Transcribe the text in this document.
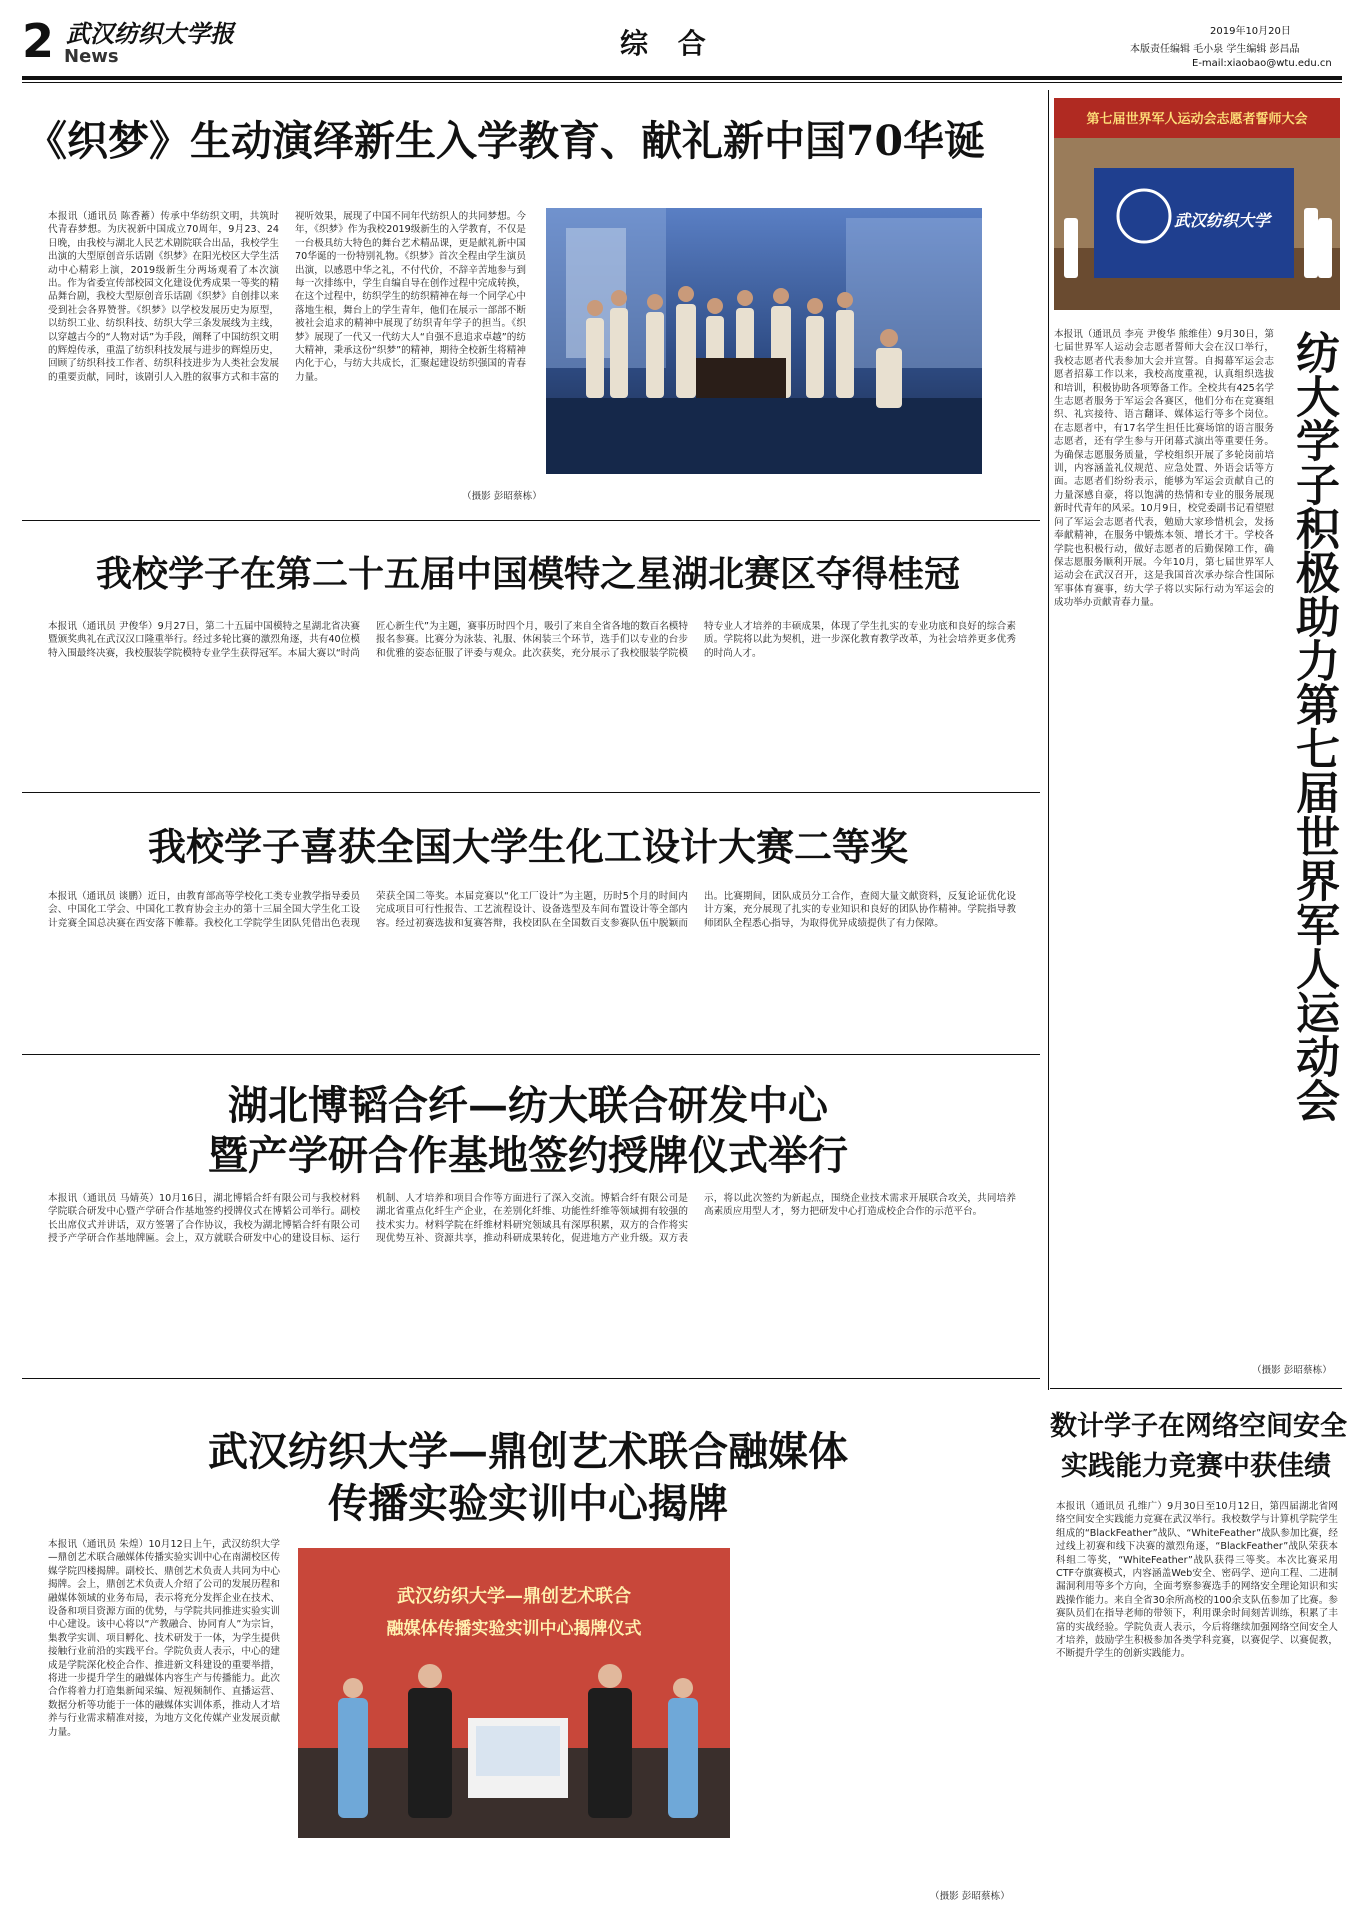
2 News
武汉纺织大学报	综 合	2019年10月20日
本版责任编辑 毛小泉 学生编辑 彭昌晶
E-mail:xiaobao@wtu.edu.cn
《织梦》生动演绎新生入学教育、献礼新中国70华诞
本报讯（通讯员 陈香蓄）传承中华纺织文明，共筑时代青春梦想。为庆祝新中国成立70周年，9月23、24日晚，由我校与湖北人民艺术剧院联合出品，我校学生出演的大型原创音乐话剧《织梦》在阳光校区大学生活动中心精彩上演，2019级新生分两场观看了本次演出。作为省委宣传部校园文化建设优秀成果一等奖的精品舞台剧，我校大型原创音乐话剧《织梦》自创排以来受到社会各界赞誉。《织梦》以学校发展历史为原型，以纺织工业、纺织科技、纺织大学三条发展线为主线，以穿越古今的“人物对话”为手段，阐释了中国纺织文明的辉煌传承，重温了纺织科技发展与进步的辉煌历史，回顾了纺织科技工作者、纺织科技进步为人类社会发展的重要贡献，同时，该剧引人入胜的叙事方式和丰富的视听效果，展现了中国不同年代纺织人的共同梦想。今年，《织梦》作为我校2019级新生的入学教育，不仅是一台极具纺大特色的舞台艺术精品课，更是献礼新中国70华诞的一份特别礼物。《织梦》首次全程由学生演员出演，以感恩中华之礼，不付代价，不辞辛苦地参与到每一次排练中，学生自编自导在创作过程中完成转换，在这个过程中，纺织学生的纺织精神在每一个同学心中落地生根，舞台上的学生青年，他们在展示一部部不断被社会追求的精神中展现了纺织青年学子的担当。《织梦》展现了一代又一代纺大人“自强不息追求卓越”的纺大精神，秉承这份“织梦”的精神，期待全校新生将精神内化于心，与纺大共成长，汇聚起建设纺织强国的青春力量。
（摄影 彭昭蔡栋）
我校学子在第二十五届中国模特之星湖北赛区夺得桂冠
本报讯（通讯员 尹俊华）9月27日，第二十五届中国模特之星湖北省决赛暨颁奖典礼在武汉汉口隆重举行。经过多轮比赛的激烈角逐，共有40位模特入围最终决赛，我校服装学院模特专业学生获得冠军。本届大赛以“时尚匠心新生代”为主题，赛事历时四个月，吸引了来自全省各地的数百名模特报名参赛。比赛分为泳装、礼服、休闲装三个环节，选手们以专业的台步和优雅的姿态征服了评委与观众。此次获奖，充分展示了我校服装学院模特专业人才培养的丰硕成果，体现了学生扎实的专业功底和良好的综合素质。学院将以此为契机，进一步深化教育教学改革，为社会培养更多优秀的时尚人才。
我校学子喜获全国大学生化工设计大赛二等奖
本报讯（通讯员 谈鹏）近日，由教育部高等学校化工类专业教学指导委员会、中国化工学会、中国化工教育协会主办的第十三届全国大学生化工设计竞赛全国总决赛在西安落下帷幕。我校化工学院学生团队凭借出色表现荣获全国二等奖。本届竞赛以“化工厂设计”为主题，历时5个月的时间内完成项目可行性报告、工艺流程设计、设备选型及车间布置设计等全部内容。经过初赛选拔和复赛答辩，我校团队在全国数百支参赛队伍中脱颖而出。比赛期间，团队成员分工合作，查阅大量文献资料，反复论证优化设计方案，充分展现了扎实的专业知识和良好的团队协作精神。学院指导教师团队全程悉心指导，为取得优异成绩提供了有力保障。
湖北博韬合纤—纺大联合研发中心
暨产学研合作基地签约授牌仪式举行
本报讯（通讯员 马婧英）10月16日，湖北博韬合纤有限公司与我校材料学院联合研发中心暨产学研合作基地签约授牌仪式在博韬公司举行。副校长出席仪式并讲话，双方签署了合作协议，我校为湖北博韬合纤有限公司授予产学研合作基地牌匾。会上，双方就联合研发中心的建设目标、运行机制、人才培养和项目合作等方面进行了深入交流。博韬合纤有限公司是湖北省重点化纤生产企业，在差别化纤维、功能性纤维等领域拥有较强的技术实力。材料学院在纤维材料研究领域具有深厚积累，双方的合作将实现优势互补、资源共享，推动科研成果转化，促进地方产业升级。双方表示，将以此次签约为新起点，围绕企业技术需求开展联合攻关，共同培养高素质应用型人才，努力把研发中心打造成校企合作的示范平台。
武汉纺织大学—鼎创艺术联合融媒体
传播实验实训中心揭牌
本报讯（通讯员 朱煌）10月12日上午，武汉纺织大学—鼎创艺术联合融媒体传播实验实训中心在南湖校区传媒学院四楼揭牌。副校长、鼎创艺术负责人共同为中心揭牌。会上，鼎创艺术负责人介绍了公司的发展历程和融媒体领域的业务布局，表示将充分发挥企业在技术、设备和项目资源方面的优势，与学院共同推进实验实训中心建设。该中心将以“产教融合、协同育人”为宗旨，集教学实训、项目孵化、技术研发于一体，为学生提供接触行业前沿的实践平台。学院负责人表示，中心的建成是学院深化校企合作、推进新文科建设的重要举措，将进一步提升学生的融媒体内容生产与传播能力。此次合作将着力打造集新闻采编、短视频制作、直播运营、数据分析等功能于一体的融媒体实训体系，推动人才培养与行业需求精准对接，为地方文化传媒产业发展贡献力量。
武汉纺织大学—鼎创艺术联合
融媒体传播实验实训中心揭牌仪式
（摄影 彭昭蔡栋）
第七届世界军人运动会志愿者誓师大会
武汉纺织大学
本报讯（通讯员 李亮 尹俊华 熊维佳）9月30日，第七届世界军人运动会志愿者誓师大会在汉口举行，我校志愿者代表参加大会并宣誓。自揭幕军运会志愿者招募工作以来，我校高度重视，认真组织选拔和培训，积极协助各项筹备工作。全校共有425名学生志愿者服务于军运会各赛区，他们分布在竞赛组织、礼宾接待、语言翻译、媒体运行等多个岗位。在志愿者中，有17名学生担任比赛场馆的语言服务志愿者，还有学生参与开闭幕式演出等重要任务。为确保志愿服务质量，学校组织开展了多轮岗前培训，内容涵盖礼仪规范、应急处置、外语会话等方面。志愿者们纷纷表示，能够为军运会贡献自己的力量深感自豪，将以饱满的热情和专业的服务展现新时代青年的风采。10月9日，校党委副书记看望慰问了军运会志愿者代表，勉励大家珍惜机会，发扬奉献精神，在服务中锻炼本领、增长才干。学校各学院也积极行动，做好志愿者的后勤保障工作，确保志愿服务顺利开展。今年10月，第七届世界军人运动会在武汉召开，这是我国首次承办综合性国际军事体育赛事，纺大学子将以实际行动为军运会的成功举办贡献青春力量。	纺大学子积极助力第七届世界军人运动会
（摄影 彭昭蔡栋）
数计学子在网络空间安全
实践能力竞赛中获佳绩
本报讯（通讯员 孔维广）9月30日至10月12日，第四届湖北省网络空间安全实践能力竞赛在武汉举行。我校数学与计算机学院学生组成的“BlackFeather”战队、“WhiteFeather”战队参加比赛，经过线上初赛和线下决赛的激烈角逐，“BlackFeather”战队荣获本科组二等奖，“WhiteFeather”战队获得三等奖。本次比赛采用CTF夺旗赛模式，内容涵盖Web安全、密码学、逆向工程、二进制漏洞利用等多个方向，全面考察参赛选手的网络安全理论知识和实践操作能力。来自全省30余所高校的100余支队伍参加了比赛。参赛队员们在指导老师的带领下，利用课余时间刻苦训练，积累了丰富的实战经验。学院负责人表示，今后将继续加强网络空间安全人才培养，鼓励学生积极参加各类学科竞赛，以赛促学、以赛促教，不断提升学生的创新实践能力。
